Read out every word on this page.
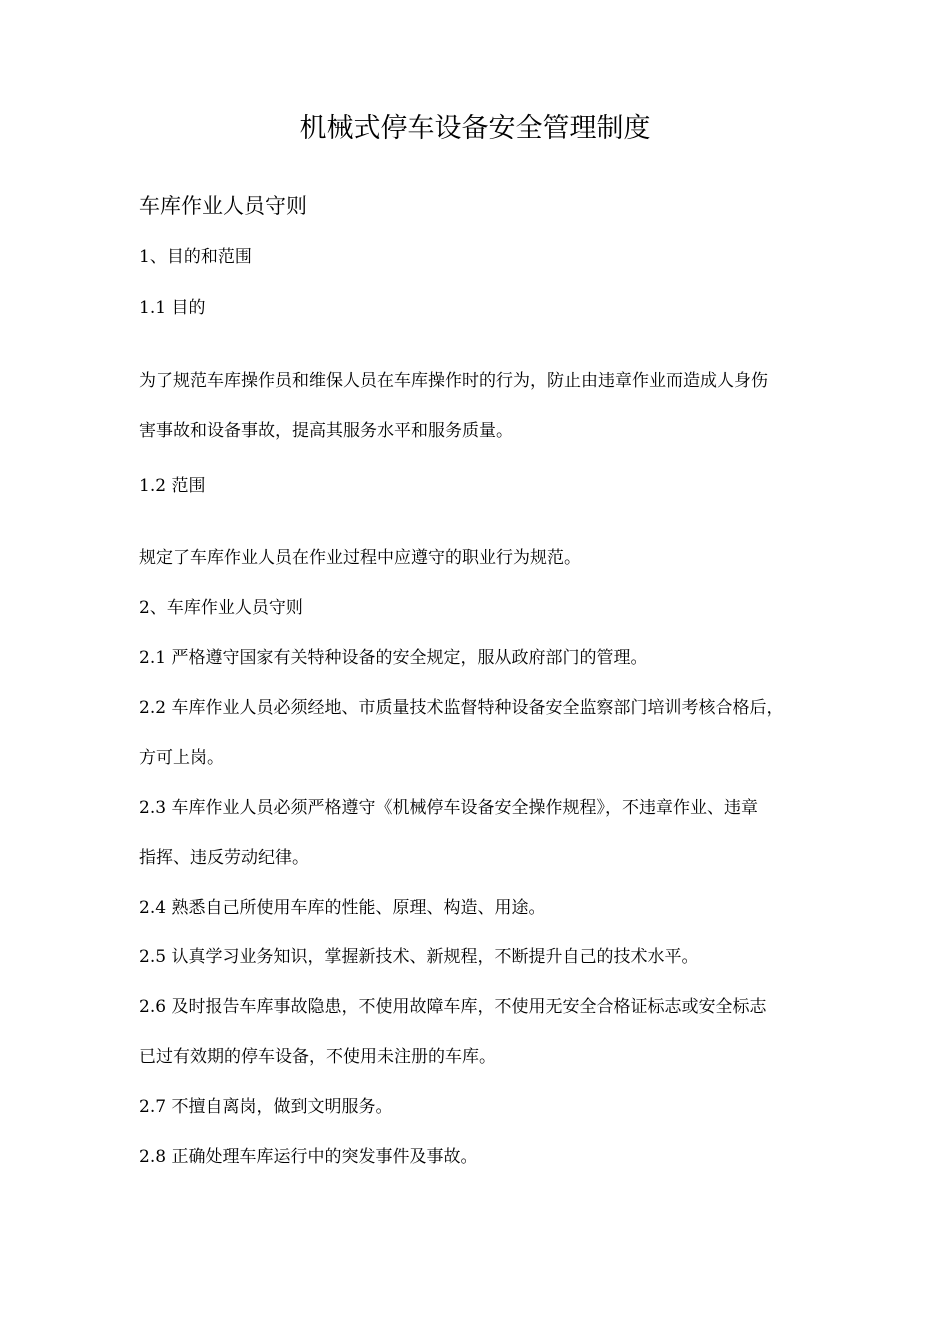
机械式停车设备安全管理制度
车库作业人员守则
1、目的和范围
1.1 目的
为了规范车库操作员和维保人员在车库操作时的行为，防止由违章作业而造成人身伤
害事故和设备事故，提高其服务水平和服务质量。
1.2 范围
规定了车库作业人员在作业过程中应遵守的职业行为规范。
2、车库作业人员守则
2.1 严格遵守国家有关特种设备的安全规定，服从政府部门的管理。
2.2 车库作业人员必须经地、市质量技术监督特种设备安全监察部门培训考核合格后，
方可上岗。
2.3 车库作业人员必须严格遵守《机械停车设备安全操作规程》，不违章作业、违章
指挥、违反劳动纪律。
2.4 熟悉自己所使用车库的性能、原理、构造、用途。
2.5 认真学习业务知识，掌握新技术、新规程，不断提升自己的技术水平。
2.6 及时报告车库事故隐患，不使用故障车库，不使用无安全合格证标志或安全标志
已过有效期的停车设备，不使用未注册的车库。
2.7 不擅自离岗，做到文明服务。
2.8 正确处理车库运行中的突发事件及事故。
